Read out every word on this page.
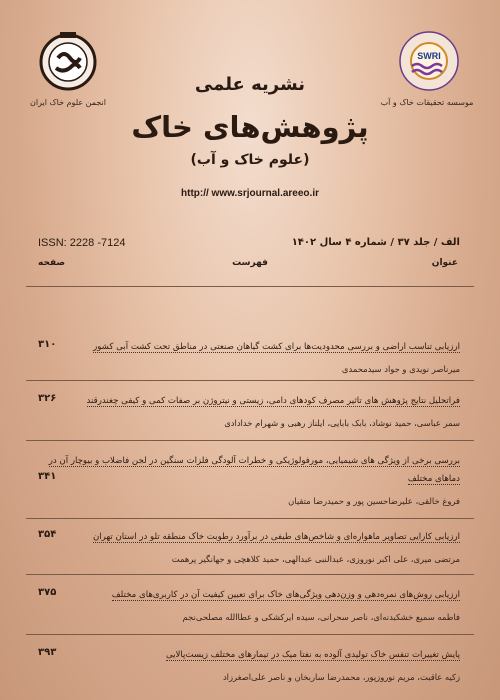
انجمن علوم خاک ایران
SWRI
موسسه تحقیقات خاک و آب
نشریه علمی
پژوهش‌های خاک
(علوم خاک و آب)
http:// www.srjournal.areeo.ir
الف / جلد ۳۷ / شماره ۴ سال ۱۴۰۲
ISSN: 2228 -7124
عنوان
فهرست
صفحه
ارزیابی تناسب اراضی و بررسی محدودیت‌ها برای کشت گیاهان صنعتی در مناطق تحت کشت آبی کشور
۳۱۰
میرناصر نویدی و جواد سیدمحمدی
فراتحلیل نتایج پژوهش های تاثیر مصرف کودهای دامی، زیستی و نیتروژن بر صفات کمی و کیفی چغندرقند
۳۲۶
سمر عباسی، حمید نوشاد، بابک بابایی، ایلناز رهبی و شهرام خدادادی
بررسی برخی از ویژگی های شیمیایی، مورفولوژیکی و خطرات آلودگی فلزات سنگین در لجن فاضلاب و بیوچار آن در دماهای مختلف
۳۴۱
فروغ خالقی، علیرضاحسین پور و حمیدرضا متقیان
ارزیابی کارایی تصاویر ماهواره‌ای و شاخص‌های طیفی در برآورد رطوبت خاک منطقه تلو در استان تهران
۳۵۴
مرتضی میری، علی اکبر نوروزی، عبدالنبی عبدالهی، حمید کلاهچی و جهانگیر پرهمت
ارزیابی روش‌های نمره‌دهی و وزن‌دهی ویژگی‌های خاک برای تعیین کیفیت آن در کاربری‌های مختلف
۳۷۵
فاطمه سمیع خشکبدنه‌ای، ناصر سحرانی، سیده ایرکشکی و عطاالله مصلحی‌نجم
پایش تغییرات تنفس خاک تولیدی آلوده به نفتا میک در تیمارهای مختلف زیست‌پالایی
۳۹۳
زکیه عاقبت، مریم نوروزپور، محمدرضا ساربخان و ناصر علی‌اصغرزاد
